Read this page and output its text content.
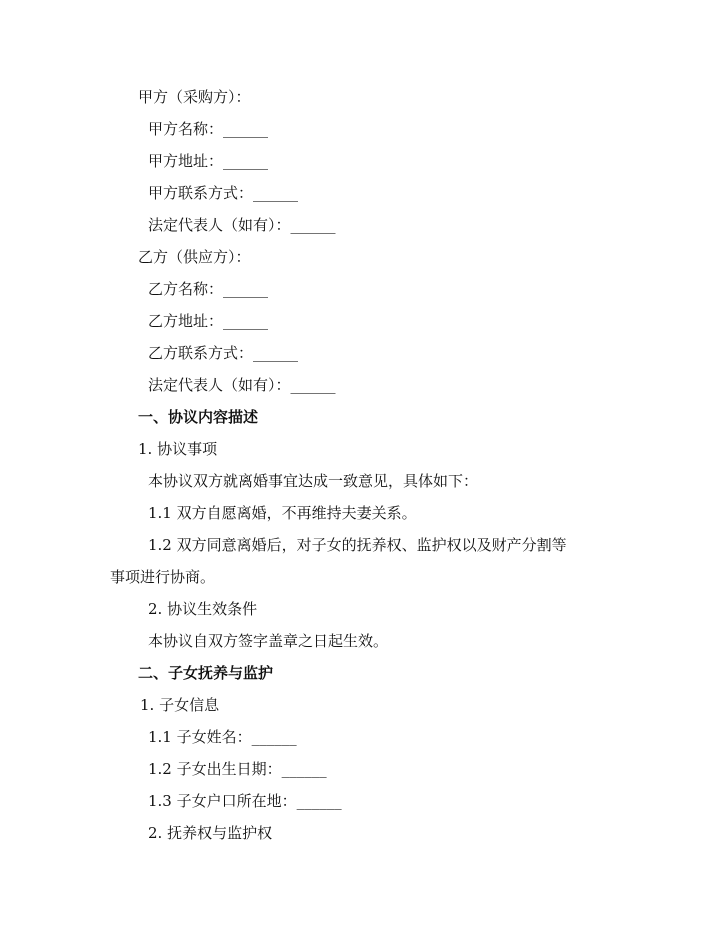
甲方（采购方）：
甲方名称：______
甲方地址：______
甲方联系方式：______
法定代表人（如有）：______
乙方（供应方）：
乙方名称：______
乙方地址：______
乙方联系方式：______
法定代表人（如有）：______
一、协议内容描述
1. 协议事项
本协议双方就离婚事宜达成一致意见，具体如下：
1.1 双方自愿离婚，不再维持夫妻关系。
1.2 双方同意离婚后，对子女的抚养权、监护权以及财产分割等
事项进行协商。
2. 协议生效条件
本协议自双方签字盖章之日起生效。
二、子女抚养与监护
1. 子女信息
1.1 子女姓名：______
1.2 子女出生日期：______
1.3 子女户口所在地：______
2. 抚养权与监护权
